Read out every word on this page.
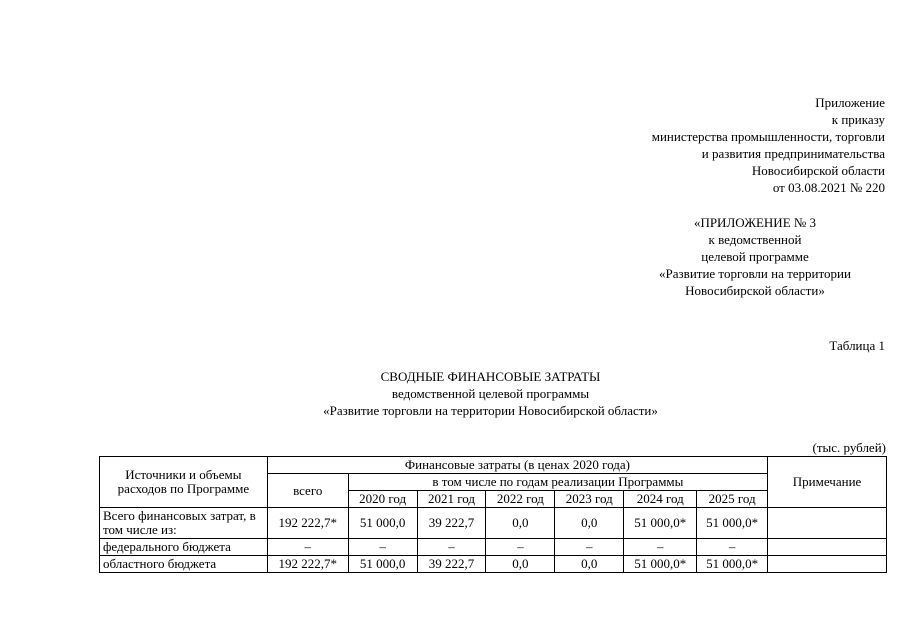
Приложение
к приказу
министерства промышленности, торговли
и развития предпринимательства
Новосибирской области
от 03.08.2021 № 220
«ПРИЛОЖЕНИЕ № 3
к ведомственной
целевой программе
«Развитие торговли на территории
Новосибирской области»
Таблица 1
СВОДНЫЕ ФИНАНСОВЫЕ ЗАТРАТЫ
ведомственной целевой программы
«Развитие торговли на территории Новосибирской области»
(тыс. рублей)
Источники и объемы расходов по Программе	Финансовые затраты (в ценах 2020 года)							Примечание
	всего	в том числе по годам реализации Программы						
		2020 год	2021 год	2022 год	2023 год	2024 год	2025 год	
Всего финансовых затрат, в том числе из:	192 222,7*	51 000,0	39 222,7	0,0	0,0	51 000,0*	51 000,0*	
федерального бюджета	–	–	–	–	–	–	–	
областного бюджета	192 222,7*	51 000,0	39 222,7	0,0	0,0	51 000,0*	51 000,0*	
